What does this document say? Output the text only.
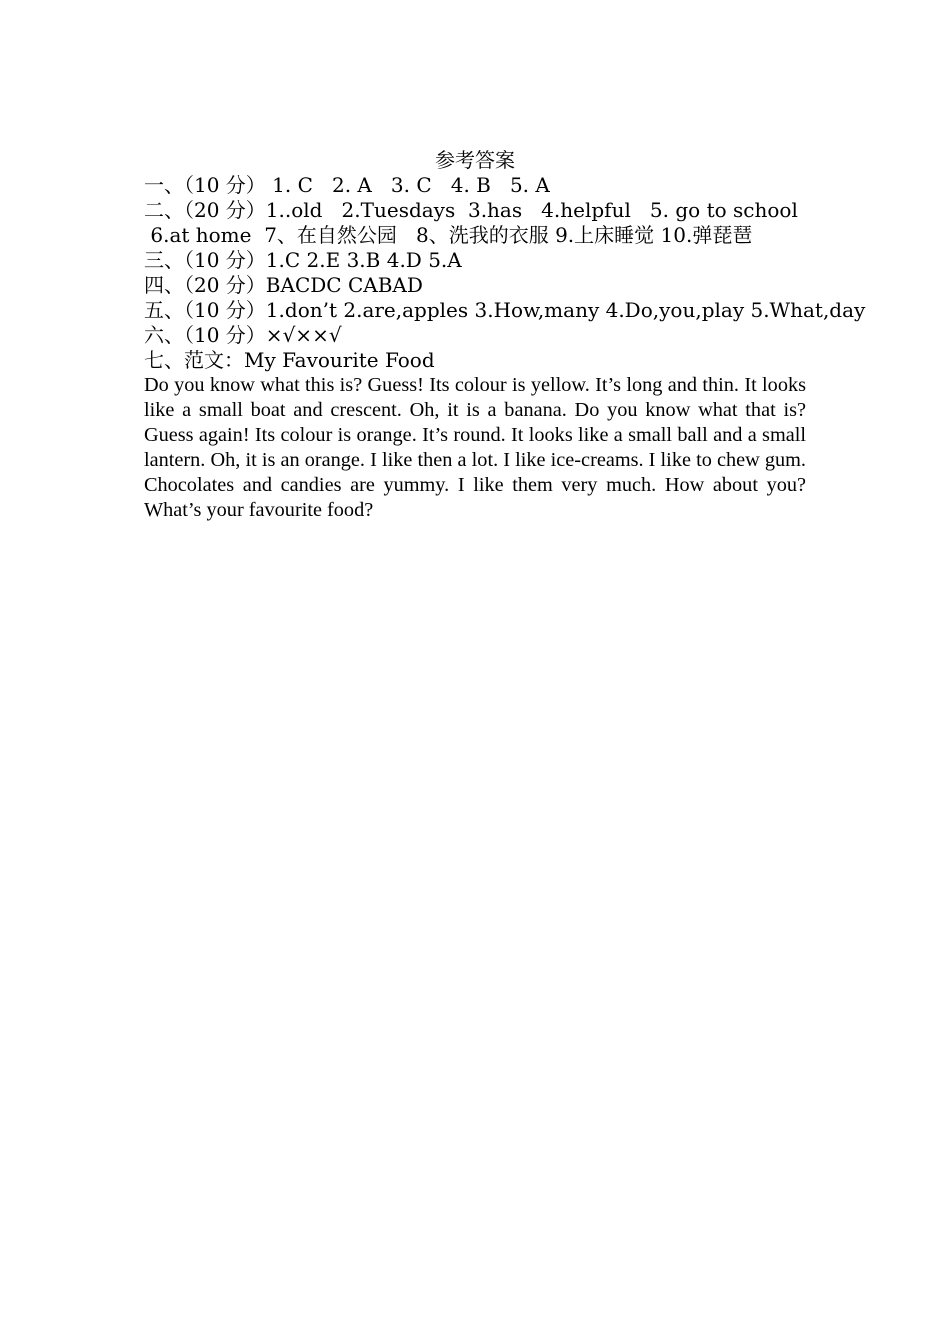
参考答案
一、（10 分） 1. C   2. A   3. C   4. B   5. A
二、（20 分）1..old   2.Tuesdays  3.has   4.helpful   5. go to school
6.at home  7、在自然公园   8、洗我的衣服 9.上床睡觉 10.弹琵琶
三、（10 分）1.C 2.E 3.B 4.D 5.A
四、（20 分）BACDC CABAD
五、（10 分）1.don’t 2.are,apples 3.How,many 4.Do,you,play 5.What,day
六、（10 分）×√××√
七、范文：My Favourite Food
Do you know what this is? Guess! Its colour is yellow. It’s long and thin. It looks like a small boat and crescent. Oh, it is a banana. Do you know what that is? Guess again! Its colour is orange. It’s round. It looks like a small ball and a small lantern. Oh, it is an orange. I like then a lot. I like ice-creams. I like to chew gum. Chocolates and candies are yummy. I like them very much. How about you? What’s your favourite food?
